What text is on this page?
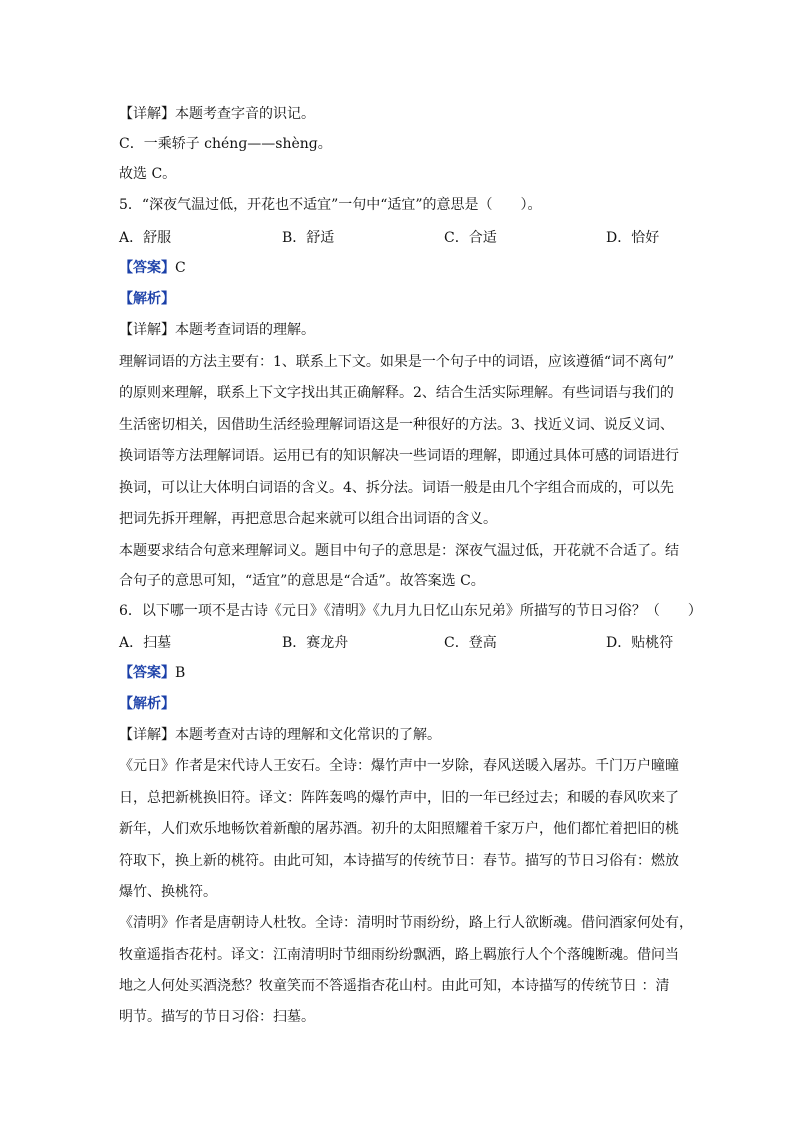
【详解】本题考查字音的识记。
C．一乘轿子 chénɡ——shènɡ。
故选 C。
5．“深夜气温过低，开花也不适宜”一句中“适宜”的意思是（　　）。
A．舒服	B．舒适	C．合适	D．恰好
【答案】C
【解析】
【详解】本题考查词语的理解。
理解词语的方法主要有：1、联系上下文。如果是一个句子中的词语，应该遵循“词不离句”
的原则来理解，联系上下文字找出其正确解释。2、结合生活实际理解。有些词语与我们的
生活密切相关，因借助生活经验理解词语这是一种很好的方法。3、找近义词、说反义词、
换词语等方法理解词语。运用已有的知识解决一些词语的理解，即通过具体可感的词语进行
换词，可以让大体明白词语的含义。4、拆分法。词语一般是由几个字组合而成的，可以先
把词先拆开理解，再把意思合起来就可以组合出词语的含义。
本题要求结合句意来理解词义。题目中句子的意思是：深夜气温过低，开花就不合适了。结
合句子的意思可知，“适宜”的意思是“合适”。故答案选 C。
6．以下哪一项不是古诗《元日》《清明》《九月九日忆山东兄弟》所描写的节日习俗？（　　）
A．扫墓	B．赛龙舟	C．登高	D．贴桃符
【答案】B
【解析】
【详解】本题考查对古诗的理解和文化常识的了解。
《元日》作者是宋代诗人王安石。全诗：爆竹声中一岁除，春风送暖入屠苏。千门万户曈曈
日，总把新桃换旧符。译文：阵阵轰鸣的爆竹声中，旧的一年已经过去；和暖的春风吹来了
新年，人们欢乐地畅饮着新酿的屠苏酒。初升的太阳照耀着千家万户，他们都忙着把旧的桃
符取下，换上新的桃符。由此可知，本诗描写的传统节日：春节。描写的节日习俗有：燃放
爆竹、换桃符。
《清明》作者是唐朝诗人杜牧。全诗：清明时节雨纷纷，路上行人欲断魂。借问酒家何处有，
牧童遥指杏花村。译文：江南清明时节细雨纷纷飘洒，路上羁旅行人个个落魄断魂。借问当
地之人何处买酒浇愁？牧童笑而不答遥指杏花山村。由此可知，本诗描写的传统节日 ：清
明节。描写的节日习俗：扫墓。
